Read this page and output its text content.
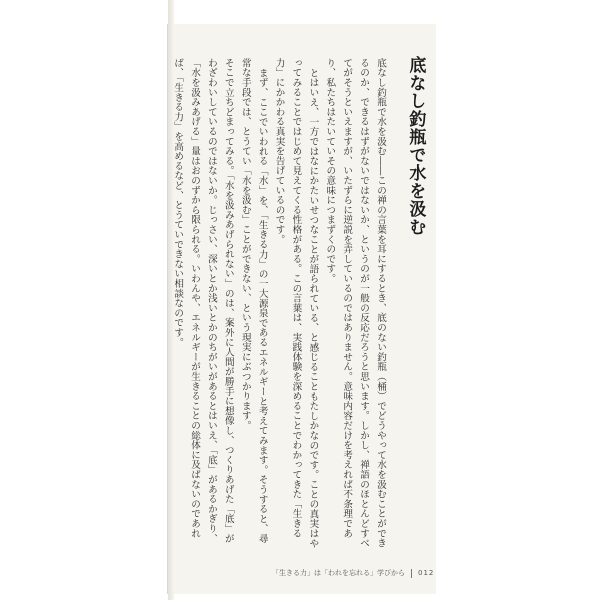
底なし釣瓶で水を汲む

底なし釣瓶で水を汲む――この禅の言葉を耳にするとき、底のない釣瓶（桶）でどうやって水を汲むことができるのか、できるはずがないではないか、というのが一般の反応だろうと思います。しかし、禅語のほとんどすべてがそうといえますが、いたずらに逆説を弄しているのではありません。意味内容だけを考えれば不条理であり、私たちはたいていその意味につまずくのです。

とはいえ、一方ではなにかたいせつなことが語られている、と感じることもたしかなのです。ことの真実はやってみることではじめて見えてくる性格がある。この言葉は、実践体験を深めることでわかってきた「生きる力」にかかわる真実を告げているのです。

まず、ここでいわれる「水」を、「生きる力」の一大源泉であるエネルギーと考えてみます。そうすると、尋常な手段では、とうてい「水を汲む」ことができない、という現実にぶつかります。

そこで立ちどまってみる。「水を汲みあげられない」のは、案外に人間が勝手に想像し、つくりあげた「底」がわざわいしているのではないか。じっさい、深いとか浅いとかのちがいがあるとはいえ、「底」があるかぎり、「水を汲みあげる」量はおのずから限られる。いわんや、エネルギーが生きることの総体に及ばないのであれば、「生きる力」を高めるなど、とうていできない相談なのです。

「生きる力」は「われを忘れる」学びから 012
